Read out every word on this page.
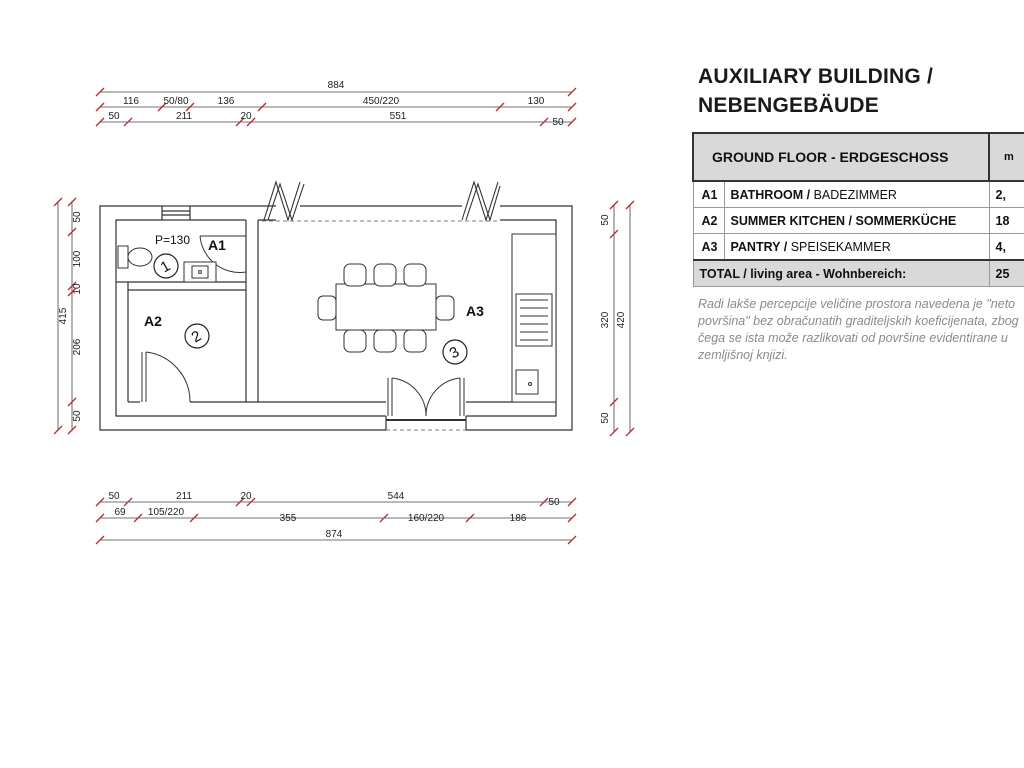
884
116 50/80	136	450/220	130
50	211	20	551
50
415
50
100
10
206
50
50
320
50
420
P=130 A1
A2
A3
1
2
3
50	211	20	544
50
69 105/220
355	160/220	186
874
AUXILIARY BUILDING /
NEBENGEBÄUDE
GROUND FLOOR - ERDGESCHOSS		m
A1	BATHROOM / BADEZIMMER	2,
A2	SUMMER KITCHEN / SOMMERKÜCHE	18
A3	PANTRY / SPEISEKAMMER	4,
TOTAL / living area - Wohnbereich:		25

Radi lakše percepcije veličine prostora navedena je "neto površina" bez obračunatih graditeljskih koeficijenata, zbog čega se ista može razlikovati od površine evidentirane u zemljišnoj knjizi.
